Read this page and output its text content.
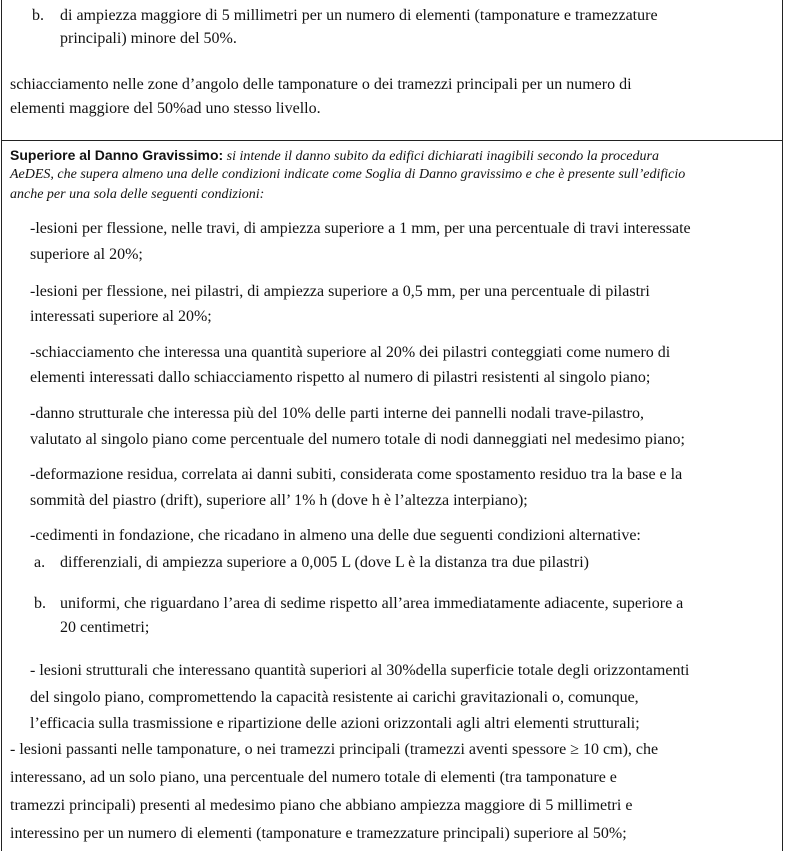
b. di ampiezza maggiore di 5 millimetri per un numero di elementi (tamponature e tramezzature
principali) minore del 50%.
schiacciamento nelle zone d’angolo delle tamponature o dei tramezzi principali per un numero di
elementi maggiore del 50%ad uno stesso livello.
Superiore al Danno Gravissimo: si intende il danno subito da edifici dichiarati inagibili secondo la procedura
AeDES, che supera almeno una delle condizioni indicate come Soglia di Danno gravissimo e che è presente sull’edificio
anche per una sola delle seguenti condizioni:
-lesioni per flessione, nelle travi, di ampiezza superiore a 1 mm, per una percentuale di travi interessate
superiore al 20%;
-lesioni per flessione, nei pilastri, di ampiezza superiore a 0,5 mm, per una percentuale di pilastri
interessati superiore al 20%;
-schiacciamento che interessa una quantità superiore al 20% dei pilastri conteggiati come numero di
elementi interessati dallo schiacciamento rispetto al numero di pilastri resistenti al singolo piano;
-danno strutturale che interessa più del 10% delle parti interne dei pannelli nodali trave-pilastro,
valutato al singolo piano come percentuale del numero totale di nodi danneggiati nel medesimo piano;
-deformazione residua, correlata ai danni subiti, considerata come spostamento residuo tra la base e la
sommità del piastro (drift), superiore all’ 1% h (dove h è l’altezza interpiano);
-cedimenti in fondazione, che ricadano in almeno una delle due seguenti condizioni alternative:
a. differenziali, di ampiezza superiore a 0,005 L (dove L è la distanza tra due pilastri)
b. uniformi, che riguardano l’area di sedime rispetto all’area immediatamente adiacente, superiore a
20 centimetri;
- lesioni strutturali che interessano quantità superiori al 30%della superficie totale degli orizzontamenti
del singolo piano, compromettendo la capacità resistente ai carichi gravitazionali o, comunque,
l’efficacia sulla trasmissione e ripartizione delle azioni orizzontali agli altri elementi strutturali;
- lesioni passanti nelle tamponature, o nei tramezzi principali (tramezzi aventi spessore ≥ 10 cm), che
interessano, ad un solo piano, una percentuale del numero totale di elementi (tra tamponature e
tramezzi principali) presenti al medesimo piano che abbiano ampiezza maggiore di 5 millimetri e
interessino per un numero di elementi (tamponature e tramezzature principali) superiore al 50%;
